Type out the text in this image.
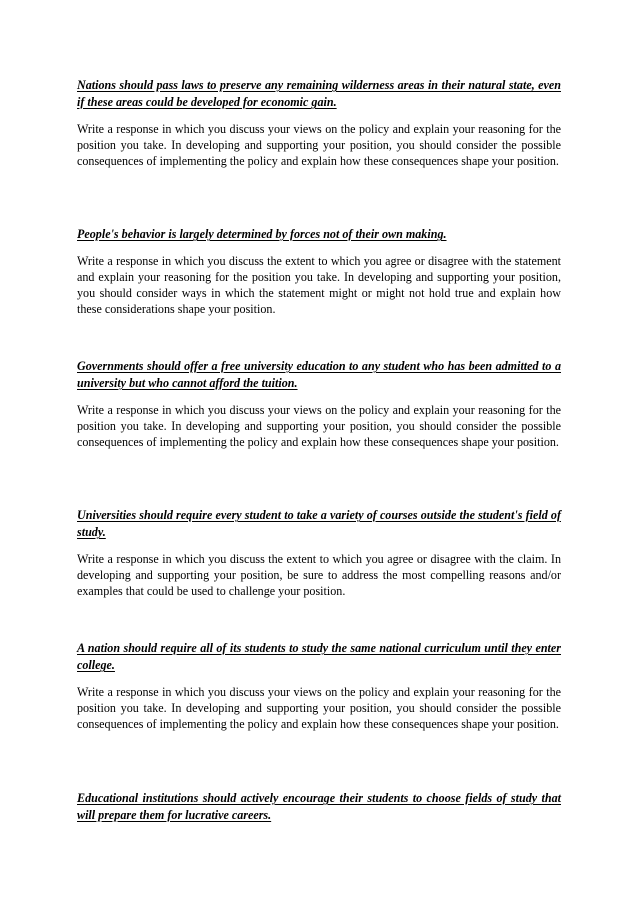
Nations should pass laws to preserve any remaining wilderness areas in their natural state, even if these areas could be developed for economic gain.

Write a response in which you discuss your views on the policy and explain your reasoning for the position you take. In developing and supporting your position, you should consider the possible consequences of implementing the policy and explain how these consequences shape your position.

People's behavior is largely determined by forces not of their own making.

Write a response in which you discuss the extent to which you agree or disagree with the statement and explain your reasoning for the position you take. In developing and supporting your position, you should consider ways in which the statement might or might not hold true and explain how these considerations shape your position.

Governments should offer a free university education to any student who has been admitted to a university but who cannot afford the tuition.

Write a response in which you discuss your views on the policy and explain your reasoning for the position you take. In developing and supporting your position, you should consider the possible consequences of implementing the policy and explain how these consequences shape your position.

Universities should require every student to take a variety of courses outside the student's field of study.

Write a response in which you discuss the extent to which you agree or disagree with the claim. In developing and supporting your position, be sure to address the most compelling reasons and/or examples that could be used to challenge your position.

A nation should require all of its students to study the same national curriculum until they enter college.

Write a response in which you discuss your views on the policy and explain your reasoning for the position you take. In developing and supporting your position, you should consider the possible consequences of implementing the policy and explain how these consequences shape your position.

Educational institutions should actively encourage their students to choose fields of study that will prepare them for lucrative careers.
